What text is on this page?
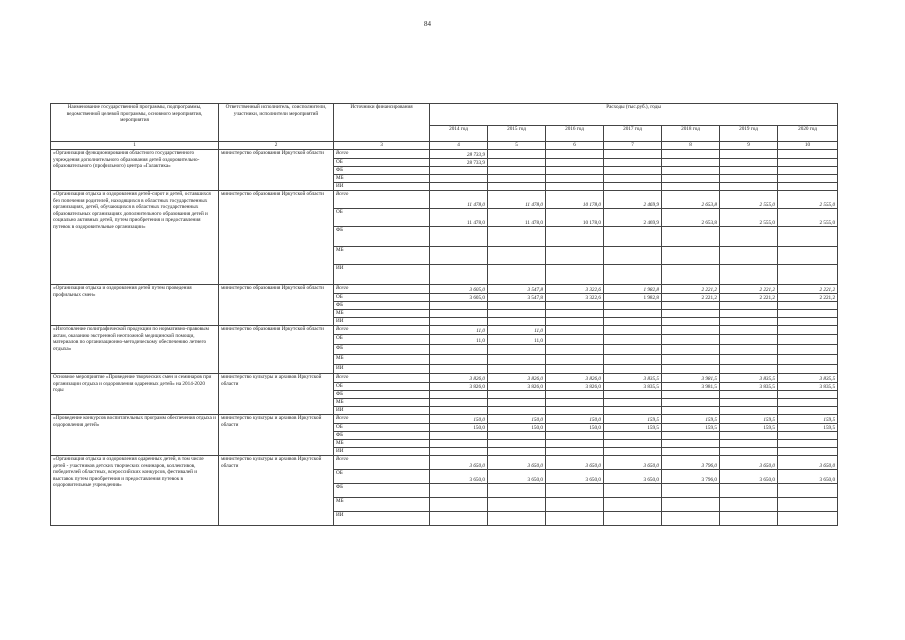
84
Наименование государственной программы, подпрограммы, ведомственной целевой программы, основного мероприятия, мероприятия	Ответственный исполнитель, соисполнители, участники, исполнители мероприятий	Источники финансирования	Расходы (тыс.руб.), годы						
			2014 год	2015 год	2016 год	2017 год	2018 год	2019 год	2020 год
1	2	3	4	5	6	7	8	9	10
«Организация функционирования областного государственного учреждения дополнительного образования детей оздоровительно-образовательного (профильного) центра «Галактика»	министерство образования Иркутской области	Всего	28 733,9						
		ОБ	28 733,9						
		ФБ							
		МБ							
		ИИ							
«Организация отдыха и оздоровления детей-сирот и детей, оставшихся без попечения родителей, находящихся в областных государственных организациях, детей, обучающихся в областных государственных образовательных организациях дополнительного образования детей и социально активных детей, путем приобретения и предоставления путевок в оздоровительные организации»	министерство образования Иркутской области	Всего	11 478,0	11 478,0	10 178,0	2 469,9	2 653,8	2 555,0	2 555,0
		ОБ	11 478,0	11 478,0	10 178,0	2 469,9	2 653,8	2 555,0	2 555,0
		ФБ							
		МБ							
		ИИ							
«Организация отдыха и оздоровления детей путем проведения профильных смен»	министерство образования Иркутской области	Всего	3 605,0	3 547,8	3 322,6	1 982,8	2 221,2	2 221,2	2 221,2
		ОБ	3 605,0	3 547,8	3 322,6	1 982,8	2 221,2	2 221,2	2 221,2
		ФБ							
		МБ							
		ИИ							
«Изготовление полиграфической продукции по нормативно-правовым актам, оказанию экстренной неотложной медицинской помощи, материалов по организационно-методическому обеспечению летнего отдыха»	министерство образования Иркутской области	Всего	11,0	11,0					
		ОБ	11,0	11,0					
		ФБ							
		МБ							
		ИИ							
Основное мероприятие «Проведение творческих смен и семинаров при организации отдыха и оздоровления одаренных детей» на 2014-2020 годы	министерство культуры и архивов Иркутской области	Всего	3 826,0	3 826,0	3 826,0	3 835,5	3 981,5	3 835,5	3 835,5
		ОБ	3 826,0	3 826,0	3 826,0	3 835,5	3 981,5	3 835,5	3 835,5
		ФБ							
		МБ							
		ИИ							
«Проведение конкурсов воспитательных программ обеспечения отдыха и оздоровления детей»	министерство культуры и архивов Иркутской области	Всего	150,0	150,0	150,0	159,5	159,5	159,5	159,5
		ОБ	150,0	150,0	150,0	159,5	159,5	159,5	159,5
		ФБ							
		МБ							
		ИИ							
«Организация отдыха и оздоровления одаренных детей, в том числе детей - участников детских творческих семинаров, коллективов, победителей областных, всероссийских конкурсов, фестивалей и выставок путем приобретения и предоставления путевок в оздоровительные учреждения»	министерство культуры и архивов Иркутской области	Всего	3 650,0	3 650,0	3 650,0	3 650,0	3 796,0	3 650,0	3 650,0
		ОБ	3 650,0	3 650,0	3 650,0	3 650,0	3 796,0	3 650,0	3 650,0
		ФБ							
		МБ							
		ИИ							
